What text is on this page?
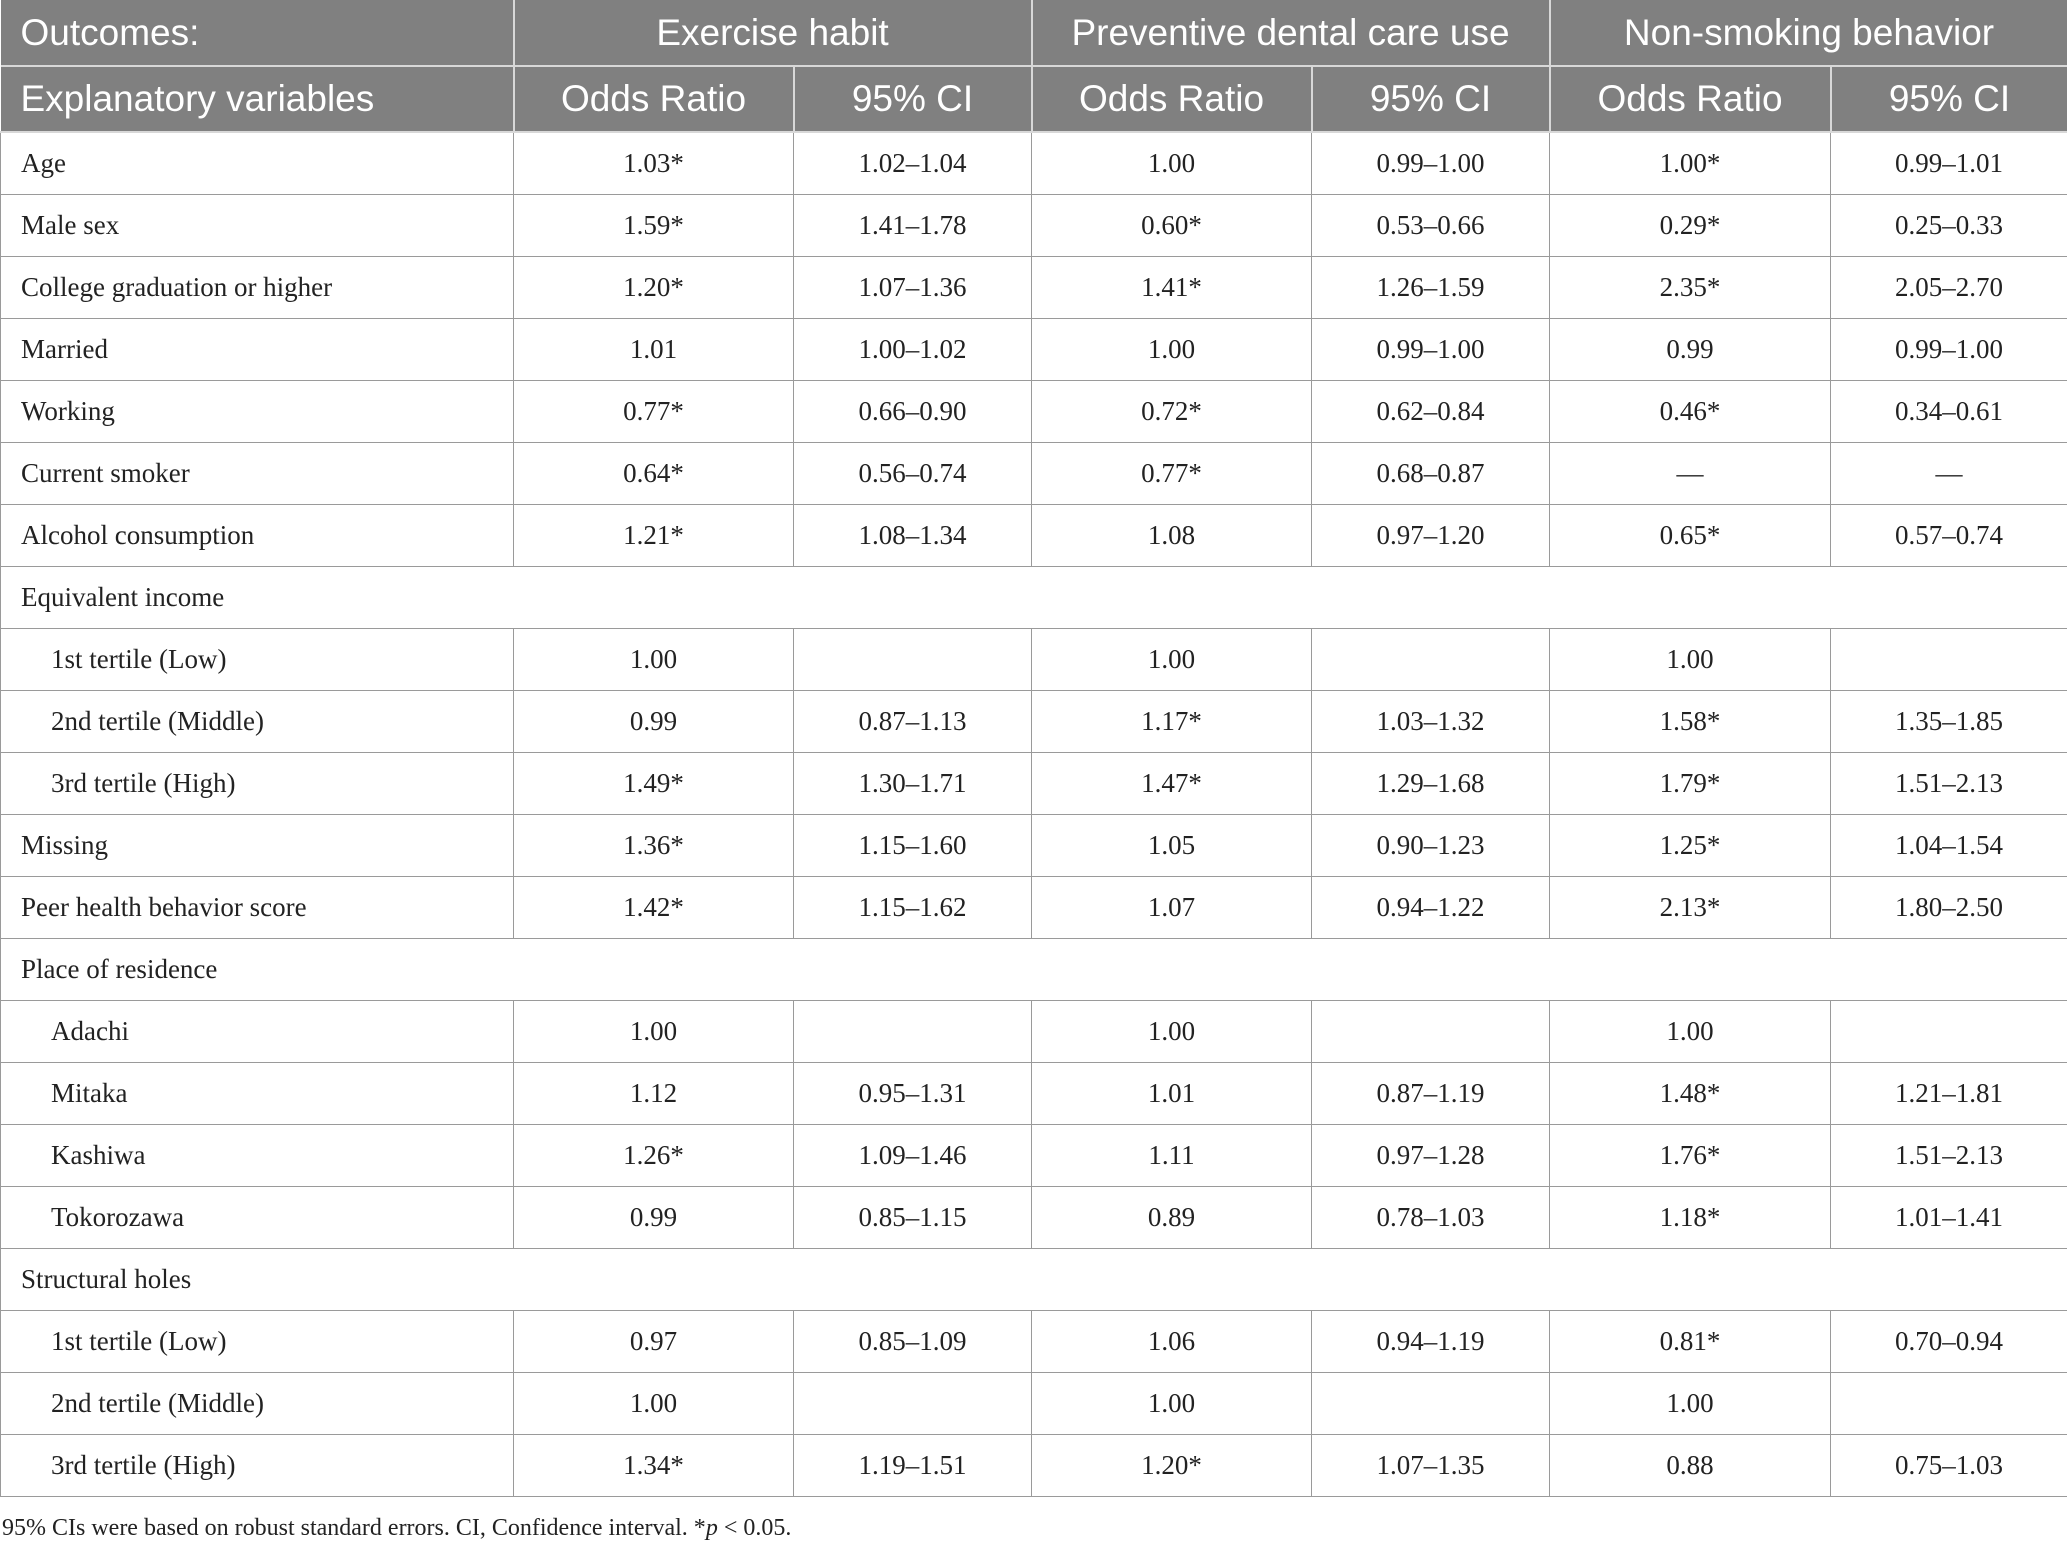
Outcomes:	Exercise habit		Preventive dental care use		Non-smoking behavior	
Explanatory variables	Odds Ratio	95% CI	Odds Ratio	95% CI	Odds Ratio	95% CI
Age	1.03*	1.02–1.04	1.00	0.99–1.00	1.00*	0.99–1.01
Male sex	1.59*	1.41–1.78	0.60*	0.53–0.66	0.29*	0.25–0.33
College graduation or higher	1.20*	1.07–1.36	1.41*	1.26–1.59	2.35*	2.05–2.70
Married	1.01	1.00–1.02	1.00	0.99–1.00	0.99	0.99–1.00
Working	0.77*	0.66–0.90	0.72*	0.62–0.84	0.46*	0.34–0.61
Current smoker	0.64*	0.56–0.74	0.77*	0.68–0.87	—	—
Alcohol consumption	1.21*	1.08–1.34	1.08	0.97–1.20	0.65*	0.57–0.74
Equivalent income						
1st tertile (Low)	1.00		1.00		1.00	
2nd tertile (Middle)	0.99	0.87–1.13	1.17*	1.03–1.32	1.58*	1.35–1.85
3rd tertile (High)	1.49*	1.30–1.71	1.47*	1.29–1.68	1.79*	1.51–2.13
Missing	1.36*	1.15–1.60	1.05	0.90–1.23	1.25*	1.04–1.54
Peer health behavior score	1.42*	1.15–1.62	1.07	0.94–1.22	2.13*	1.80–2.50
Place of residence						
Adachi	1.00		1.00		1.00	
Mitaka	1.12	0.95–1.31	1.01	0.87–1.19	1.48*	1.21–1.81
Kashiwa	1.26*	1.09–1.46	1.11	0.97–1.28	1.76*	1.51–2.13
Tokorozawa	0.99	0.85–1.15	0.89	0.78–1.03	1.18*	1.01–1.41
Structural holes						
1st tertile (Low)	0.97	0.85–1.09	1.06	0.94–1.19	0.81*	0.70–0.94
2nd tertile (Middle)	1.00		1.00		1.00	
3rd tertile (High)	1.34*	1.19–1.51	1.20*	1.07–1.35	0.88	0.75–1.03
95% CIs were based on robust standard errors. CI, Confidence interval. *p < 0.05.
